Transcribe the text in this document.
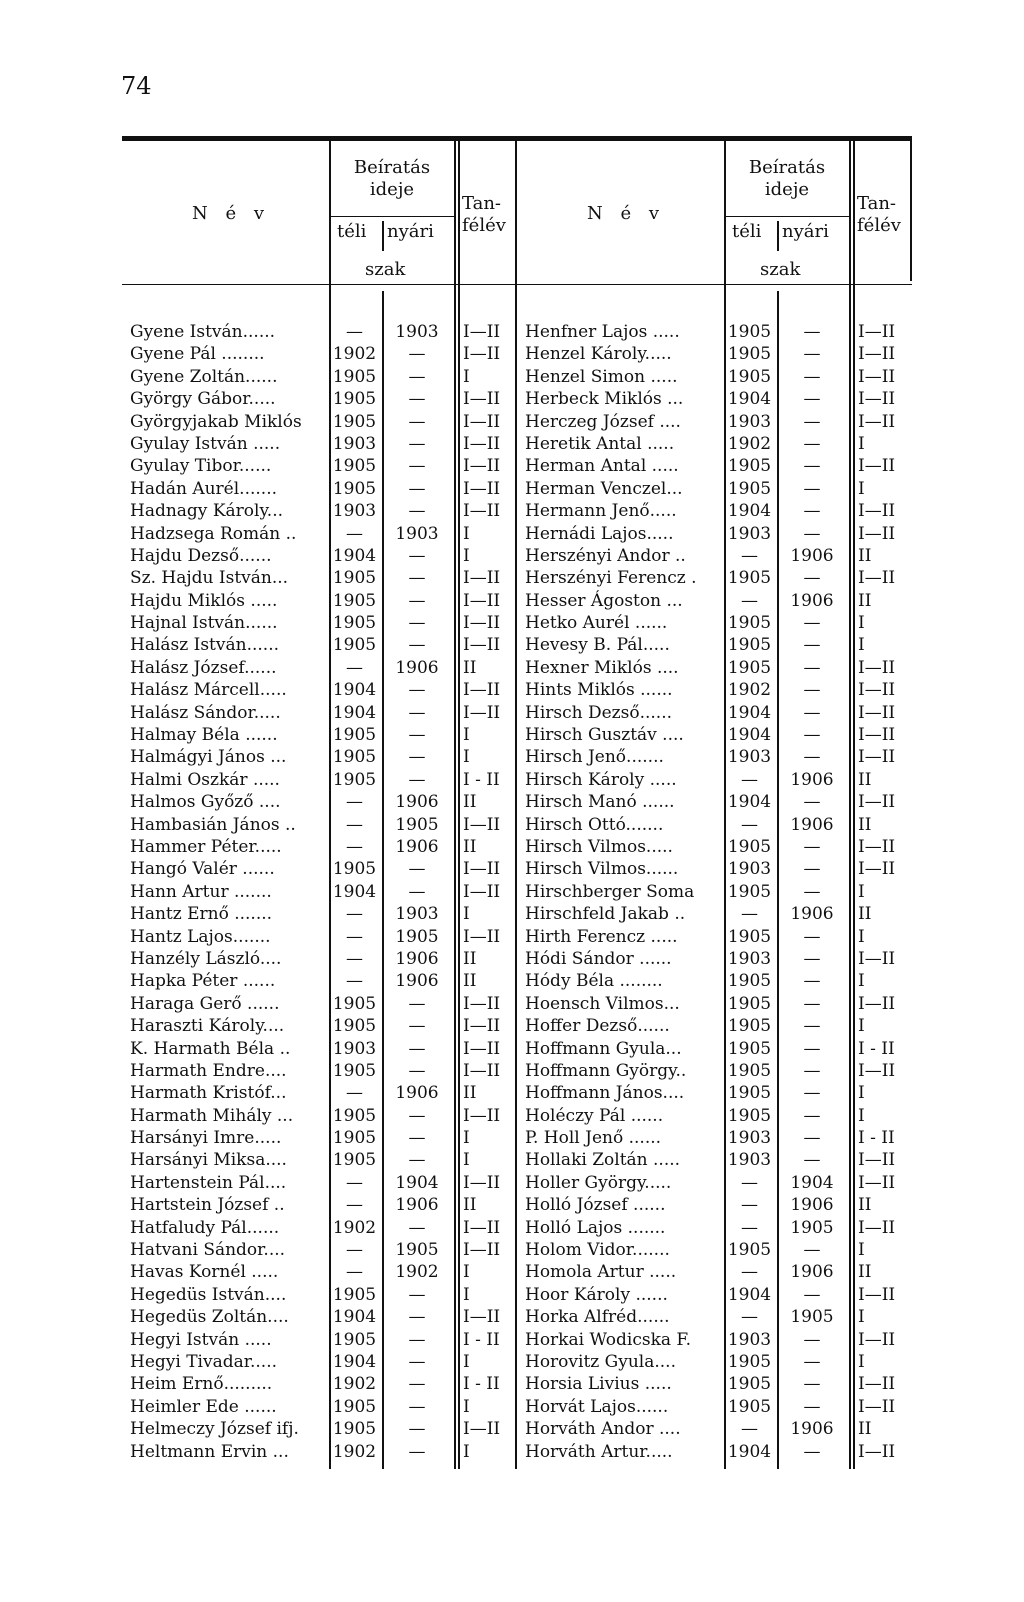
74
N é v
Beíratás
ideje
téli nyári
szak
Tan-
félév
Gyene István......	—	1903	I—II
Gyene Pál ........	1902	—	I—II
Gyene Zoltán......	1905	—	I
György Gábor.....	1905	—	I—II
Györgyjakab Miklós	1905	—	I—II
Gyulay István .....	1903	—	I—II
Gyulay Tibor......	1905	—	I—II
Hadán Aurél.......	1905	—	I—II
Hadnagy Károly...	1903	—	I—II
Hadzsega Román ..	—	1903	I
Hajdu Dezső......	1904	—	I
Sz. Hajdu István...	1905	—	I—II
Hajdu Miklós .....	1905	—	I—II
Hajnal István......	1905	—	I—II
Halász István......	1905	—	I—II
Halász József......	—	1906	II
Halász Márcell.....	1904	—	I—II
Halász Sándor.....	1904	—	I—II
Halmay Béla ......	1905	—	I
Halmágyi János ...	1905	—	I
Halmi Oszkár .....	1905	—	I - II
Halmos Győző ....	—	1906	II
Hambasián János ..	—	1905	I—II
Hammer Péter.....	—	1906	II
Hangó Valér ......	1905	—	I—II
Hann Artur .......	1904	—	I—II
Hantz Ernő .......	—	1903	I
Hantz Lajos.......	—	1905	I—II
Hanzély László....	—	1906	II
Hapka Péter ......	—	1906	II
Haraga Gerő ......	1905	—	I—II
Haraszti Károly....	1905	—	I—II
K. Harmath Béla ..	1903	—	I—II
Harmath Endre....	1905	—	I—II
Harmath Kristóf...	—	1906	II
Harmath Mihály ...	1905	—	I—II
Harsányi Imre.....	1905	—	I
Harsányi Miksa....	1905	—	I
Hartenstein Pál....	—	1904	I—II
Hartstein József ..	—	1906	II
Hatfaludy Pál......	1902	—	I—II
Hatvani Sándor....	—	1905	I—II
Havas Kornél .....	—	1902	I
Hegedüs István....	1905	—	I
Hegedüs Zoltán....	1904	—	I—II
Hegyi István .....	1905	—	I - II
Hegyi Tivadar.....	1904	—	I
Heim Ernő.........	1902	—	I - II
Heimler Ede ......	1905	—	I
Helmeczy József ifj.	1905	—	I—II
Heltmann Ervin ...	1902	—	I
N é v
Beíratás
ideje
téli nyári
szak
Tan-
félév
Henfner Lajos .....	1905	—	I—II
Henzel Károly.....	1905	—	I—II
Henzel Simon .....	1905	—	I—II
Herbeck Miklós ...	1904	—	I—II
Herczeg József ....	1903	—	I—II
Heretik Antal .....	1902	—	I
Herman Antal .....	1905	—	I—II
Herman Venczel...	1905	—	I
Hermann Jenő.....	1904	—	I—II
Hernádi Lajos.....	1903	—	I—II
Herszényi Andor ..	—	1906	II
Herszényi Ferencz .	1905	—	I—II
Hesser Ágoston ...	—	1906	II
Hetko Aurél ......	1905	—	I
Hevesy B. Pál.....	1905	—	I
Hexner Miklós ....	1905	—	I—II
Hints Miklós ......	1902	—	I—II
Hirsch Dezső......	1904	—	I—II
Hirsch Gusztáv ....	1904	—	I—II
Hirsch Jenő.......	1903	—	I—II
Hirsch Károly .....	—	1906	II
Hirsch Manó ......	1904	—	I—II
Hirsch Ottó.......	—	1906	II
Hirsch Vilmos.....	1905	—	I—II
Hirsch Vilmos......	1903	—	I—II
Hirschberger Soma	1905	—	I
Hirschfeld Jakab ..	—	1906	II
Hirth Ferencz .....	1905	—	I
Hódi Sándor ......	1903	—	I—II
Hódy Béla ........	1905	—	I
Hoensch Vilmos...	1905	—	I—II
Hoffer Dezső......	1905	—	I
Hoffmann Gyula...	1905	—	I - II
Hoffmann György..	1905	—	I—II
Hoffmann János....	1905	—	I
Holéczy Pál ......	1905	—	I
P. Holl Jenő ......	1903	—	I - II
Hollaki Zoltán .....	1903	—	I—II
Holler György.....	—	1904	I—II
Holló József ......	—	1906	II
Holló Lajos .......	—	1905	I—II
Holom Vidor.......	1905	—	I
Homola Artur .....	—	1906	II
Hoor Károly ......	1904	—	I—II
Horka Alfréd......	—	1905	I
Horkai Wodicska F.	1903	—	I—II
Horovitz Gyula....	1905	—	I
Horsia Livius .....	1905	—	I—II
Horvát Lajos......	1905	—	I—II
Horváth Andor ....	—	1906	II
Horváth Artur.....	1904	—	I—II
